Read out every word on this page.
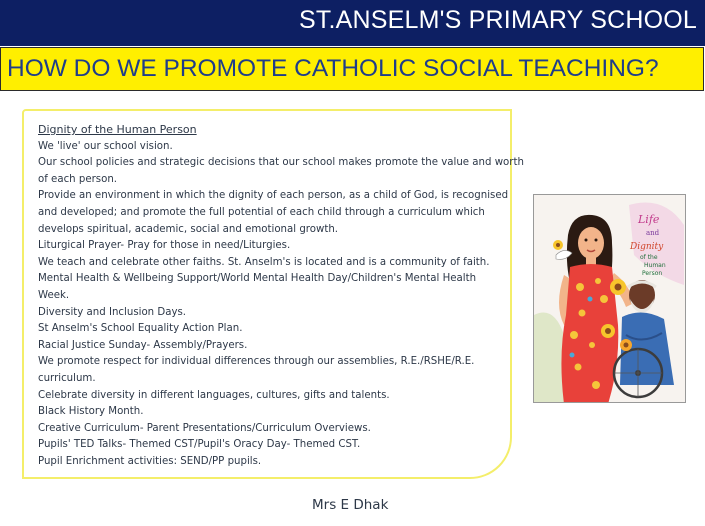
ST.ANSELM'S PRIMARY SCHOOL
HOW DO WE PROMOTE CATHOLIC SOCIAL TEACHING?
Dignity of the Human Person
We 'live' our school vision.
Our school policies and strategic decisions that our school makes promote the value and worth
of each person.
Provide an environment in which the dignity of each person, as a child of God, is recognised
and developed; and promote the full potential of each child through a curriculum which
develops spiritual, academic, social and emotional growth.
Liturgical Prayer- Pray for those in need/Liturgies.
We teach and celebrate other faiths. St. Anselm's is located and is a community of faith.
Mental Health & Wellbeing Support/World Mental Health Day/Children's Mental Health
Week.
Diversity and Inclusion Days.
St Anselm's School Equality Action Plan.
Racial Justice Sunday- Assembly/Prayers.
We promote respect for individual differences through our assemblies, R.E./RSHE/R.E.
curriculum.
Celebrate diversity in different languages, cultures, gifts and talents.
Black History Month.
Creative Curriculum- Parent Presentations/Curriculum Overviews.
Pupils' TED Talks- Themed CST/Pupil's Oracy Day- Themed CST.
Pupil Enrichment activities: SEND/PP pupils.
Life
and
Dignity
of the
Human
Person
Mrs E Dhak
